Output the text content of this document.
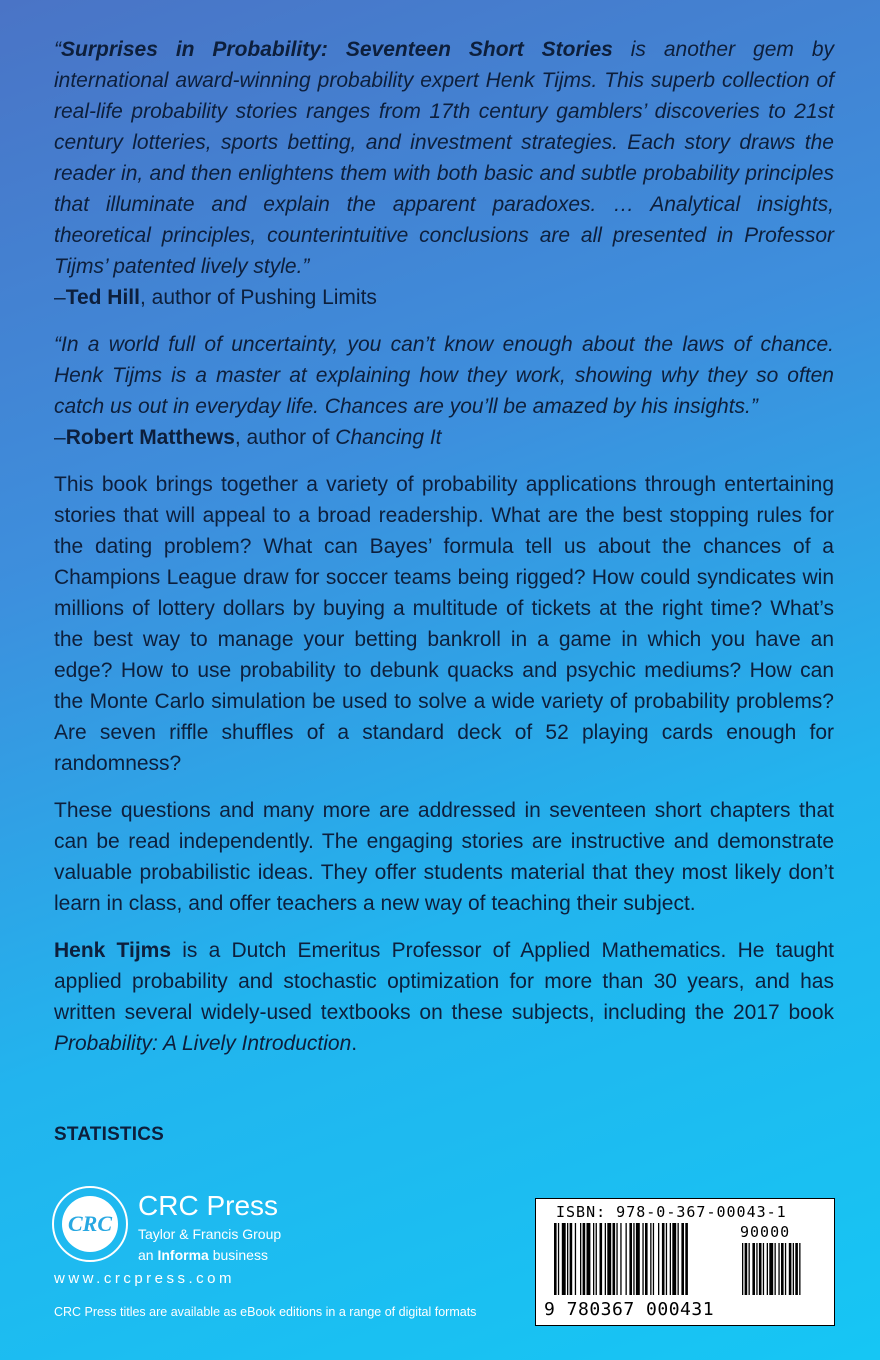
“Surprises in Probability: Seventeen Short Stories is another gem by international award-winning probability expert Henk Tijms. This superb collection of real-life probability stories ranges from 17th century gamblers’ discoveries to 21st century lotteries, sports betting, and investment strategies. Each story draws the reader in, and then enlightens them with both basic and subtle probability principles that illuminate and explain the apparent paradoxes. … Analytical insights, theoretical principles, counterintuitive conclusions are all presented in Professor Tijms’ patented lively style.”

–Ted Hill, author of Pushing Limits

“In a world full of uncertainty, you can’t know enough about the laws of chance. Henk Tijms is a master at explaining how they work, showing why they so often catch us out in everyday life. Chances are you’ll be amazed by his insights.”

–Robert Matthews, author of Chancing It

This book brings together a variety of probability applications through entertaining stories that will appeal to a broad readership. What are the best stopping rules for the dating problem? What can Bayes’ formula tell us about the chances of a Champions League draw for soccer teams being rigged? How could syndicates win millions of lottery dollars by buying a multitude of tickets at the right time? What’s the best way to manage your betting bankroll in a game in which you have an edge? How to use probability to debunk quacks and psychic mediums? How can the Monte Carlo simulation be used to solve a wide variety of probability problems? Are seven riffle shuffles of a standard deck of 52 playing cards enough for randomness?

These questions and many more are addressed in seventeen short chapters that can be read independently. The engaging stories are instructive and demonstrate valuable probabilistic ideas. They offer students material that they most likely don’t learn in class, and offer teachers a new way of teaching their subject.

Henk Tijms is a Dutch Emeritus Professor of Applied Mathematics. He taught applied probability and stochastic optimization for more than 30 years, and has written several widely-used textbooks on these subjects, including the 2017 book Probability: A Lively Introduction.

STATISTICS
CRC
CRC Press
Taylor & Francis Group
an Informa business
www.crcpress.com
CRC Press titles are available as eBook editions in a range of digital formats
ISBN: 978-0-367-00043-1
90000
9 780367 000431
